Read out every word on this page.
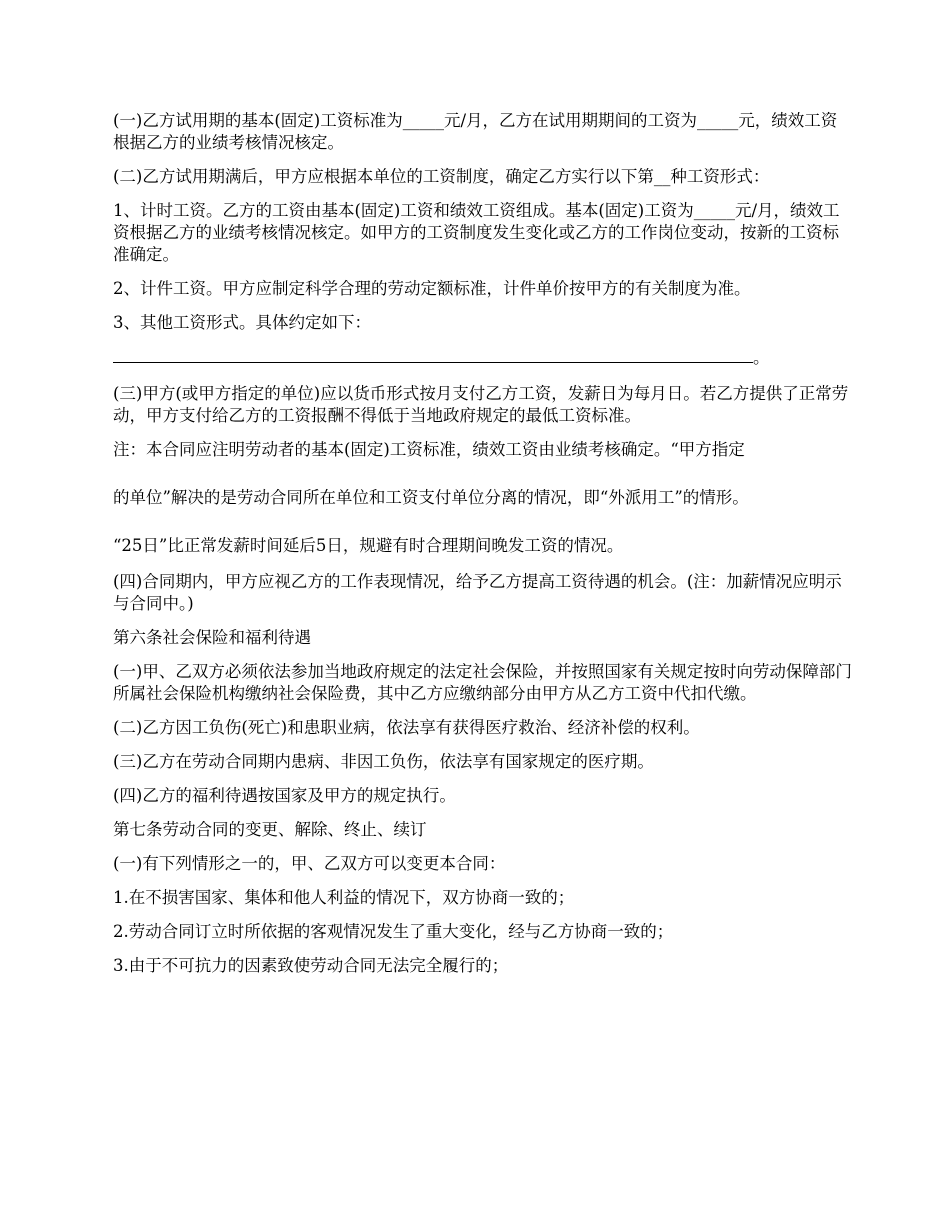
(一)乙方试用期的基本(固定)工资标准为_____元/月，乙方在试用期期间的工资为_____元，绩效工资根据乙方的业绩考核情况核定。

(二)乙方试用期满后，甲方应根据本单位的工资制度，确定乙方实行以下第__种工资形式：

1、计时工资。乙方的工资由基本(固定)工资和绩效工资组成。基本(固定)工资为_____元/月，绩效工资根据乙方的业绩考核情况核定。如甲方的工资制度发生变化或乙方的工作岗位变动，按新的工资标准确定。

2、计件工资。甲方应制定科学合理的劳动定额标准，计件单价按甲方的有关制度为准。

3、其他工资形式。具体约定如下：

。

(三)甲方(或甲方指定的单位)应以货币形式按月支付乙方工资，发薪日为每月日。若乙方提供了正常劳动，甲方支付给乙方的工资报酬不得低于当地政府规定的最低工资标准。

注：本合同应注明劳动者的基本(固定)工资标准，绩效工资由业绩考核确定。“甲方指定
的单位”解决的是劳动合同所在单位和工资支付单位分离的情况，即“外派用工”的情形。
“25日”比正常发薪时间延后5日，规避有时合理期间晚发工资的情况。

(四)合同期内，甲方应视乙方的工作表现情况，给予乙方提高工资待遇的机会。(注：加薪情况应明示与合同中。)

第六条社会保险和福利待遇

(一)甲、乙双方必须依法参加当地政府规定的法定社会保险，并按照国家有关规定按时向劳动保障部门所属社会保险机构缴纳社会保险费，其中乙方应缴纳部分由甲方从乙方工资中代扣代缴。

(二)乙方因工负伤(死亡)和患职业病，依法享有获得医疗救治、经济补偿的权利。

(三)乙方在劳动合同期内患病、非因工负伤，依法享有国家规定的医疗期。

(四)乙方的福利待遇按国家及甲方的规定执行。

第七条劳动合同的变更、解除、终止、续订

(一)有下列情形之一的，甲、乙双方可以变更本合同：

1.在不损害国家、集体和他人利益的情况下，双方协商一致的；

2.劳动合同订立时所依据的客观情况发生了重大变化，经与乙方协商一致的；

3.由于不可抗力的因素致使劳动合同无法完全履行的；
